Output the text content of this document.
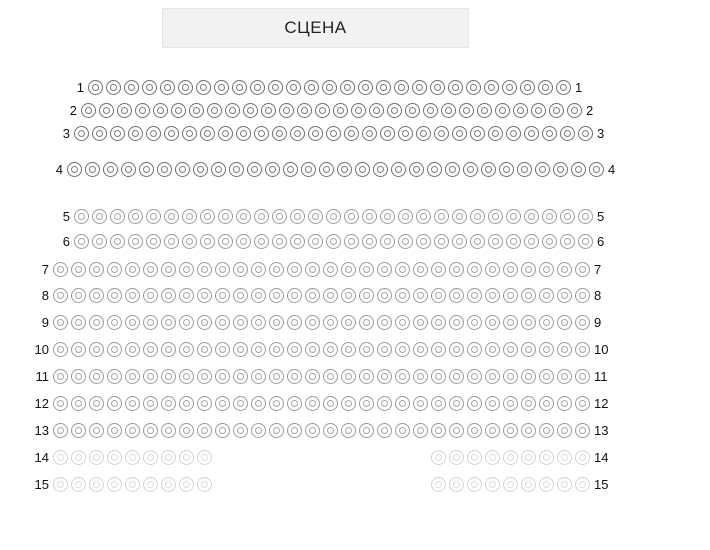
СЦЕНА
1	1
2	2
3	3
4	4
5	5
6	6
7	7
8	8
9	9
10	10
11	11
12	12
13	13
14	14
15	15
